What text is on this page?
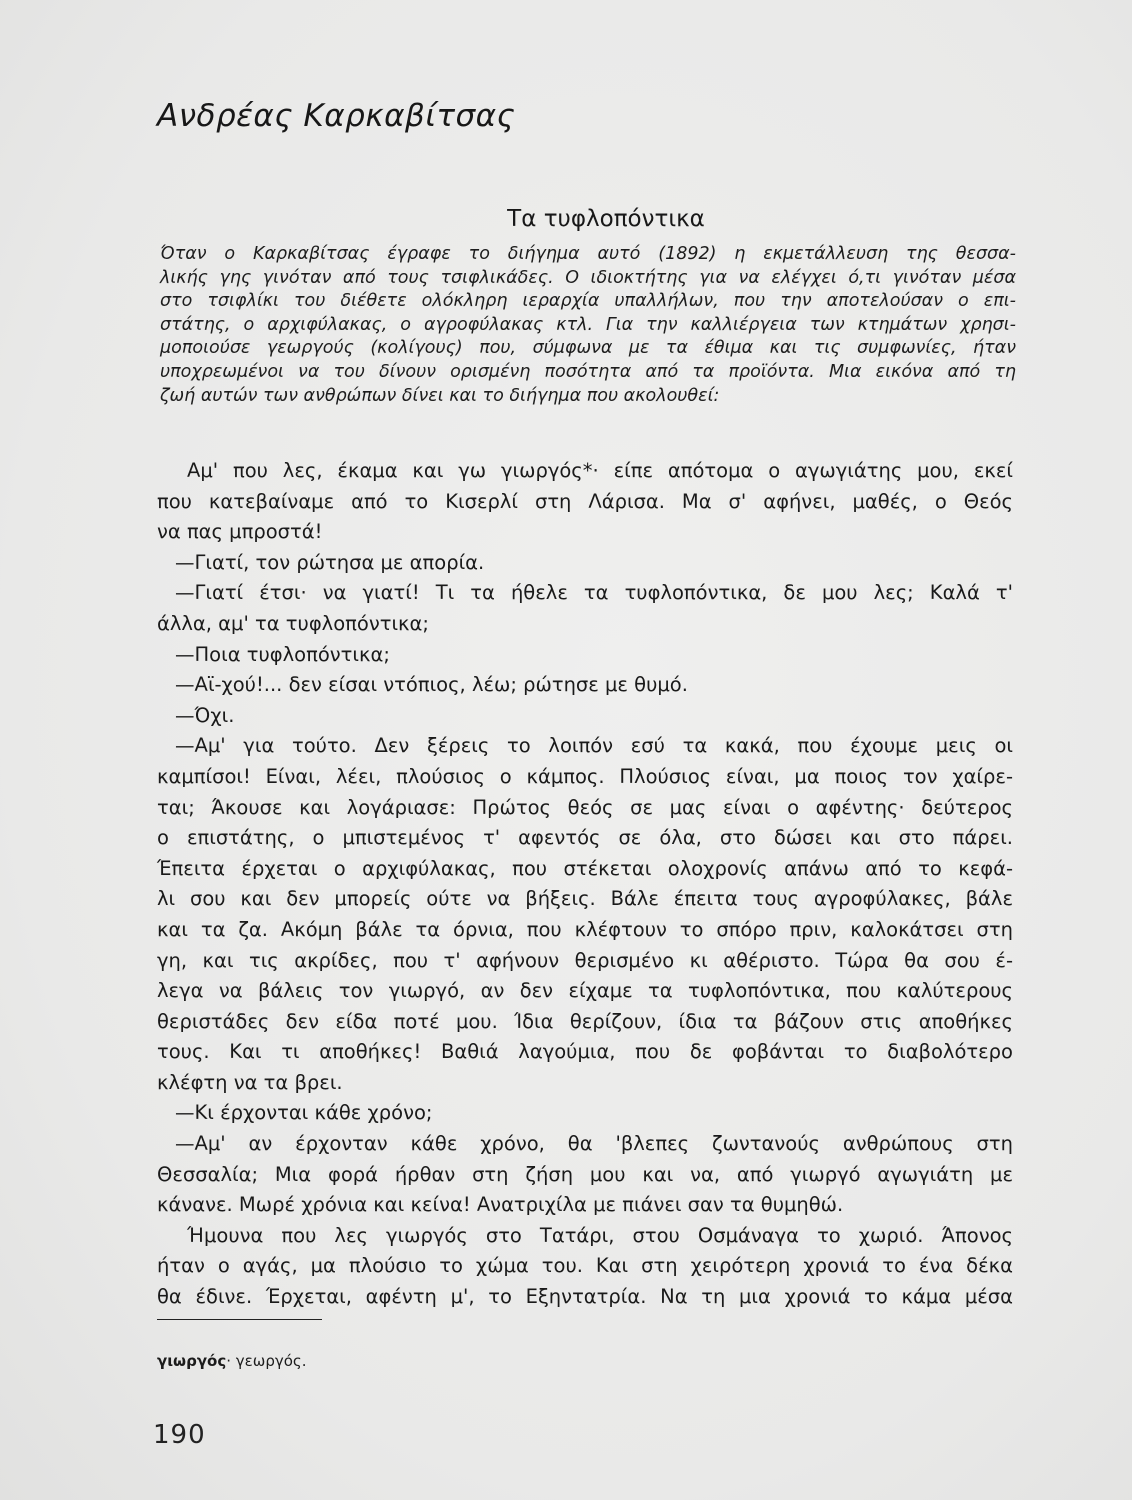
Ανδρέας Καρκαβίτσας
Τα τυφλοπόντικα
Όταν ο Καρκαβίτσας έγραφε το διήγημα αυτό (1892) η εκμετάλλευση της θεσσα-
λικής γης γινόταν από τους τσιφλικάδες. Ο ιδιοκτήτης για να ελέγχει ό,τι γινόταν μέσα
στο τσιφλίκι του διέθετε ολόκληρη ιεραρχία υπαλλήλων, που την αποτελούσαν ο επι-
στάτης, ο αρχιφύλακας, ο αγροφύλακας κτλ. Για την καλλιέργεια των κτημάτων χρησι-
μοποιούσε γεωργούς (κολίγους) που, σύμφωνα με τα έθιμα και τις συμφωνίες, ήταν
υποχρεωμένοι να του δίνουν ορισμένη ποσότητα από τα προϊόντα. Μια εικόνα από τη
ζωή αυτών των ανθρώπων δίνει και το διήγημα που ακολουθεί:
Αμ' που λες, έκαμα και γω γιωργός*· είπε απότομα ο αγωγιάτης μου, εκεί
που κατεβαίναμε από το Κισερλί στη Λάρισα. Μα σ' αφήνει, μαθές, ο Θεός
να πας μπροστά!
—Γιατί, τον ρώτησα με απορία.
—Γιατί έτσι· να γιατί! Τι τα ήθελε τα τυφλοπόντικα, δε μου λες; Καλά τ'
άλλα, αμ' τα τυφλοπόντικα;
—Ποια τυφλοπόντικα;
—Αϊ-χού!... δεν είσαι ντόπιος, λέω; ρώτησε με θυμό.
—Όχι.
—Αμ' για τούτο. Δεν ξέρεις το λοιπόν εσύ τα κακά, που έχουμε μεις οι
καμπίσοι! Είναι, λέει, πλούσιος ο κάμπος. Πλούσιος είναι, μα ποιος τον χαίρε-
ται; Άκουσε και λογάριασε: Πρώτος θεός σε μας είναι ο αφέντης· δεύτερος
ο επιστάτης, ο μπιστεμένος τ' αφεντός σε όλα, στο δώσει και στο πάρει.
Έπειτα έρχεται ο αρχιφύλακας, που στέκεται ολοχρονίς απάνω από το κεφά-
λι σου και δεν μπορείς ούτε να βήξεις. Βάλε έπειτα τους αγροφύλακες, βάλε
και τα ζα. Ακόμη βάλε τα όρνια, που κλέφτουν το σπόρο πριν, καλοκάτσει στη
γη, και τις ακρίδες, που τ' αφήνουν θερισμένο κι αθέριστο. Τώρα θα σου έ-
λεγα να βάλεις τον γιωργό, αν δεν είχαμε τα τυφλοπόντικα, που καλύτερους
θεριστάδες δεν είδα ποτέ μου. Ίδια θερίζουν, ίδια τα βάζουν στις αποθήκες
τους. Και τι αποθήκες! Βαθιά λαγούμια, που δε φοβάνται το διαβολότερο
κλέφτη να τα βρει.
—Κι έρχονται κάθε χρόνο;
—Αμ' αν έρχονταν κάθε χρόνο, θα 'βλεπες ζωντανούς ανθρώπους στη
Θεσσαλία; Μια φορά ήρθαν στη ζήση μου και να, από γιωργό αγωγιάτη με
κάνανε. Μωρέ χρόνια και κείνα! Ανατριχίλα με πιάνει σαν τα θυμηθώ.
Ήμουνα που λες γιωργός στο Τατάρι, στου Οσμάναγα το χωριό. Άπονος
ήταν ο αγάς, μα πλούσιο το χώμα του. Και στη χειρότερη χρονιά το ένα δέκα
θα έδινε. Έρχεται, αφέντη μ', το Εξηντατρία. Να τη μια χρονιά το κάμα μέσα
γιωργός· γεωργός.
190
